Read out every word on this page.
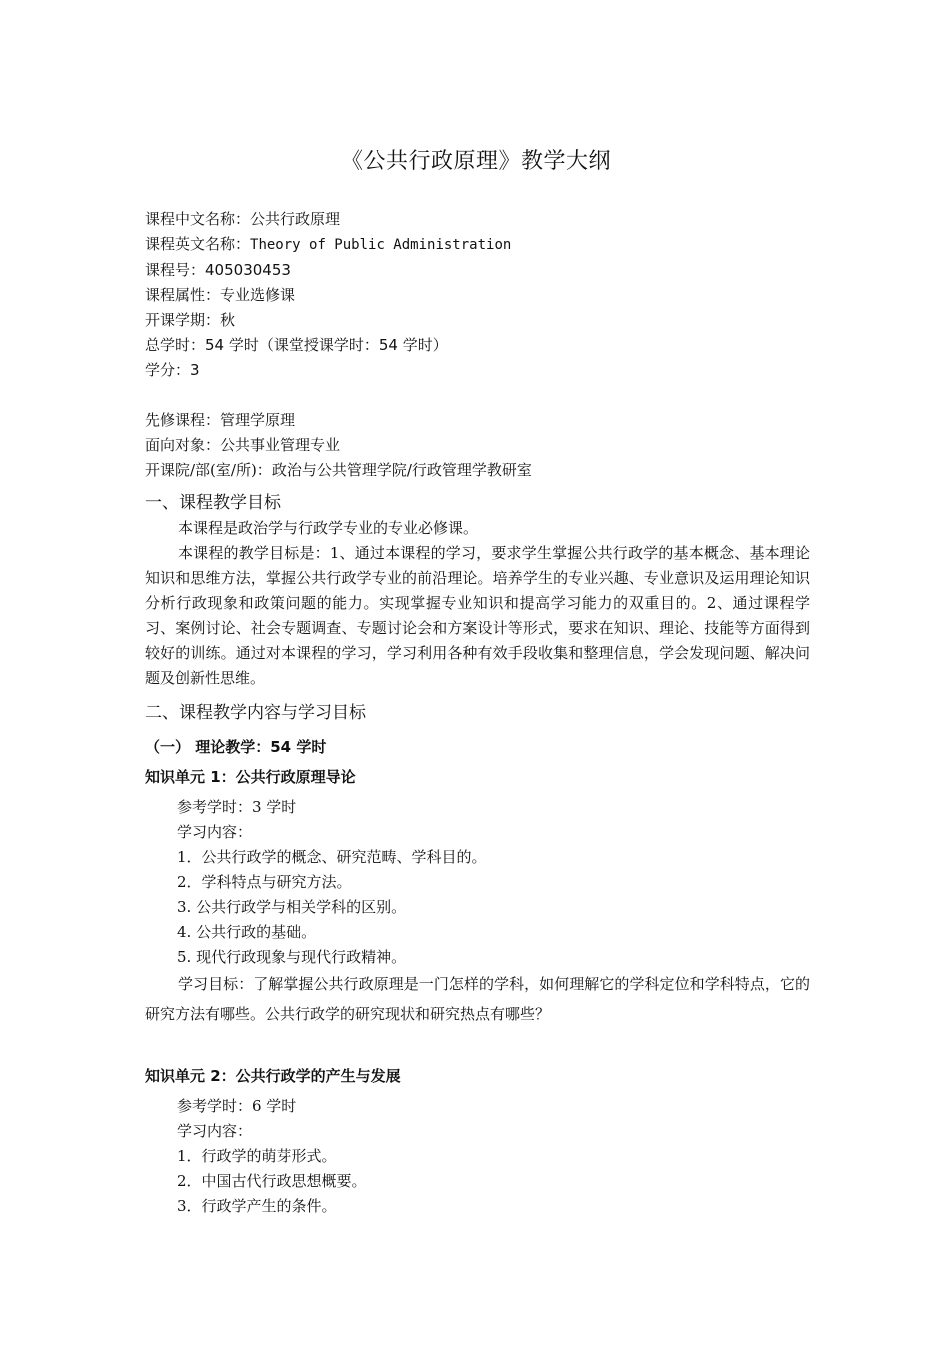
《公共行政原理》教学大纲
课程中文名称：公共行政原理
课程英文名称：Theory of Public Administration
课程号：405030453
课程属性：专业选修课
开课学期：秋
总学时：54 学时（课堂授课学时：54 学时）
学分：3
先修课程：管理学原理
面向对象：公共事业管理专业
开课院/部(室/所)：政治与公共管理学院/行政管理学教研室
一、课程教学目标
本课程是政治学与行政学专业的专业必修课。
本课程的教学目标是：1、通过本课程的学习，要求学生掌握公共行政学的基本概念、基本理论知识和思维方法，掌握公共行政学专业的前沿理论。培养学生的专业兴趣、专业意识及运用理论知识分析行政现象和政策问题的能力。实现掌握专业知识和提高学习能力的双重目的。2、通过课程学习、案例讨论、社会专题调查、专题讨论会和方案设计等形式，要求在知识、理论、技能等方面得到较好的训练。通过对本课程的学习，学习利用各种有效手段收集和整理信息，学会发现问题、解决问题及创新性思维。
二、课程教学内容与学习目标
（一） 理论教学：54 学时
知识单元 1：公共行政原理导论
参考学时：3 学时
学习内容：
1．公共行政学的概念、研究范畴、学科目的。
2．学科特点与研究方法。
3. 公共行政学与相关学科的区别。
4. 公共行政的基础。
5. 现代行政现象与现代行政精神。
学习目标：了解掌握公共行政原理是一门怎样的学科，如何理解它的学科定位和学科特点，它的研究方法有哪些。公共行政学的研究现状和研究热点有哪些？
知识单元 2：公共行政学的产生与发展
参考学时：6 学时
学习内容：
1．行政学的萌芽形式。
2．中国古代行政思想概要。
3．行政学产生的条件。
